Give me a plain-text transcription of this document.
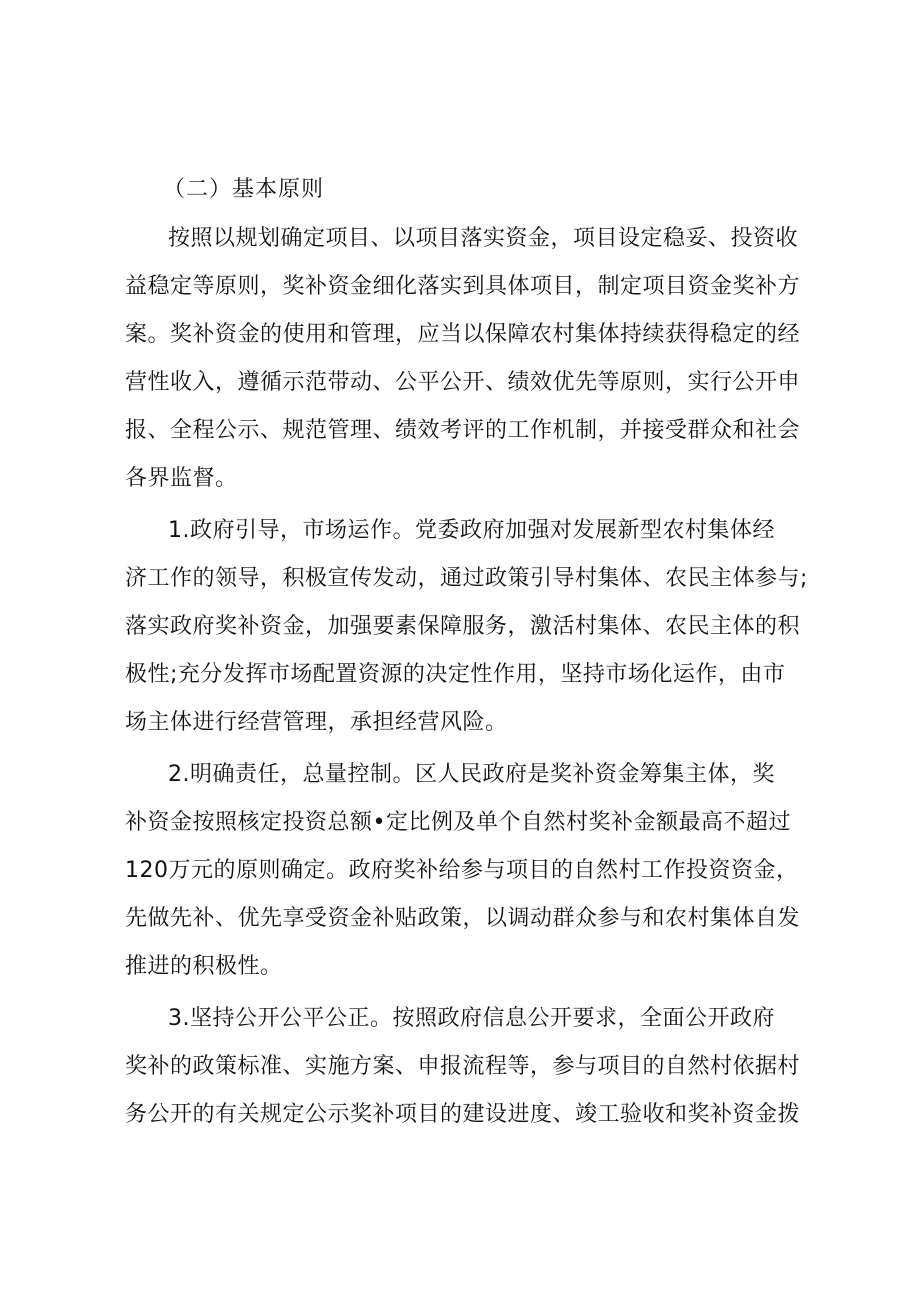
（二）基本原则

按照以规划确定项目、以项目落实资金，项目设定稳妥、投资收

益稳定等原则，奖补资金细化落实到具体项目，制定项目资金奖补方

案。奖补资金的使用和管理，应当以保障农村集体持续获得稳定的经

营性收入，遵循示范带动、公平公开、绩效优先等原则，实行公开申

报、全程公示、规范管理、绩效考评的工作机制，并接受群众和社会

各界监督。

1.政府引导，市场运作。党委政府加强对发展新型农村集体经

济工作的领导，积极宣传发动，通过政策引导村集体、农民主体参与;

落实政府奖补资金，加强要素保障服务，激活村集体、农民主体的积

极性;充分发挥市场配置资源的决定性作用，坚持市场化运作，由市

场主体进行经营管理，承担经营风险。

2.明确责任，总量控制。区人民政府是奖补资金筹集主体，奖

补资金按照核定投资总额•定比例及单个自然村奖补金额最高不超过

120万元的原则确定。政府奖补给参与项目的自然村工作投资资金，

先做先补、优先享受资金补贴政策，以调动群众参与和农村集体自发

推进的积极性。

3.坚持公开公平公正。按照政府信息公开要求，全面公开政府

奖补的政策标准、实施方案、申报流程等，参与项目的自然村依据村

务公开的有关规定公示奖补项目的建设进度、竣工验收和奖补资金拨
